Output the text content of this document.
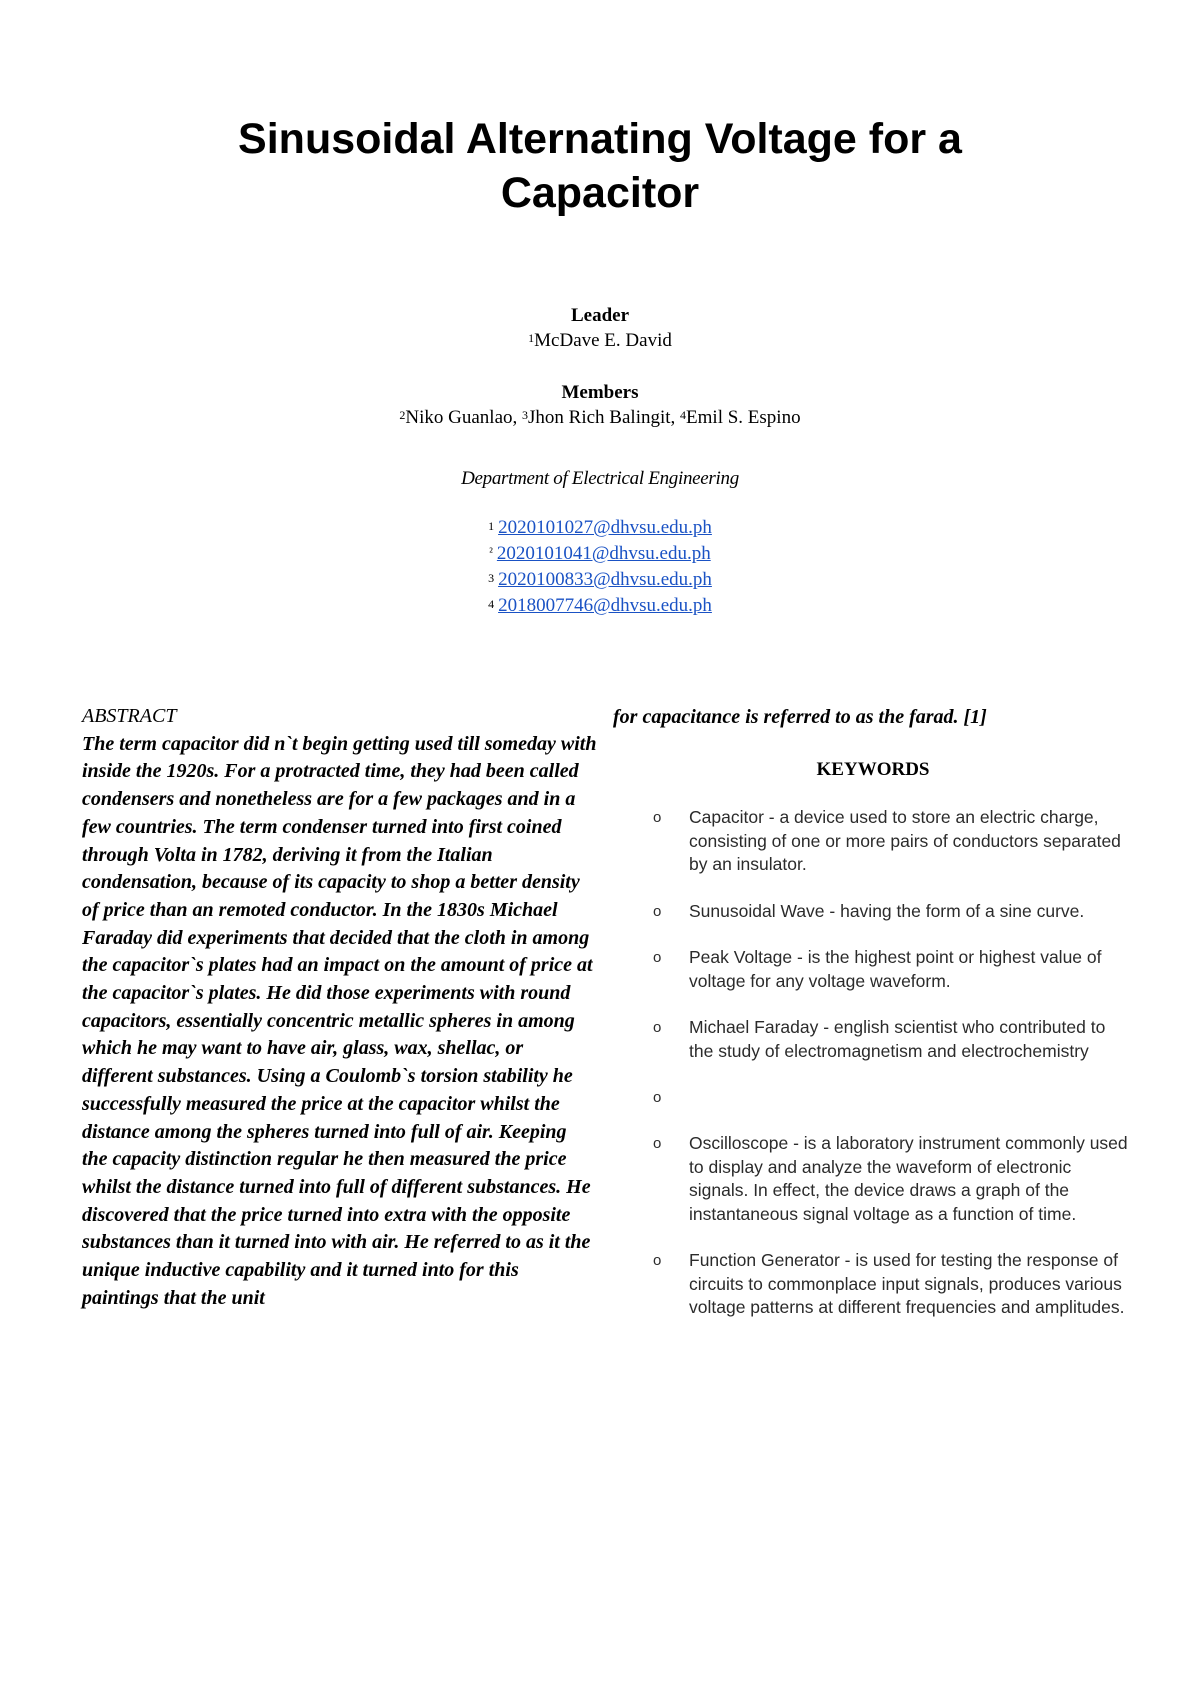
Sinusoidal Alternating Voltage for a
Capacitor
Leader
$^1$McDave E. David
Members
$^2$Niko Guanlao, $^3$Jhon Rich Balingit, $^4$Emil S. Espino
Department of Electrical Engineering
$^1$ 2020101027@dhvsu.edu.ph
$^{^2}$ 2020101041@dhvsu.edu.ph
$^3$ 2020100833@dhvsu.edu.ph
$^4$ 2018007746@dhvsu.edu.ph
ABSTRACT
The term capacitor did n`t begin getting used till someday with inside the 1920s. For a protracted time, they had been called condensers and nonetheless are for a few packages and in a few countries. The term condenser turned into first coined through Volta in 1782, deriving it from the Italian condensation, because of its capacity to shop a better density of price than an remoted conductor. In the 1830s Michael Faraday did experiments that decided that the cloth in among the capacitor`s plates had an impact on the amount of price at the capacitor`s plates. He did those experiments with round capacitors, essentially concentric metallic spheres in among which he may want to have air, glass, wax, shellac, or different substances. Using a Coulomb`s torsion stability he successfully measured the price at the capacitor whilst the distance among the spheres turned into full of air. Keeping the capacity distinction regular he then measured the price whilst the distance turned into full of different substances. He discovered that the price turned into extra with the opposite substances than it turned into with air. He referred to as it the unique inductive capability and it turned into for this paintings that the unit

for capacitance is referred to as the farad. [1]

KEYWORDS
o Capacitor - a device used to store an electric charge, consisting of one or more pairs of conductors separated by an insulator.
o Sunusoidal Wave - having the form of a sine curve.
o Peak Voltage - is the highest point or highest value of voltage for any voltage waveform.
o Michael Faraday - english scientist who contributed to the study of electromagnetism and electrochemistry
o
o Oscilloscope - is a laboratory instrument commonly used to display and analyze the waveform of electronic signals. In effect, the device draws a graph of the instantaneous signal voltage as a function of time.
o Function Generator - is used for testing the response of circuits to commonplace input signals, produces various voltage patterns at different frequencies and amplitudes.
